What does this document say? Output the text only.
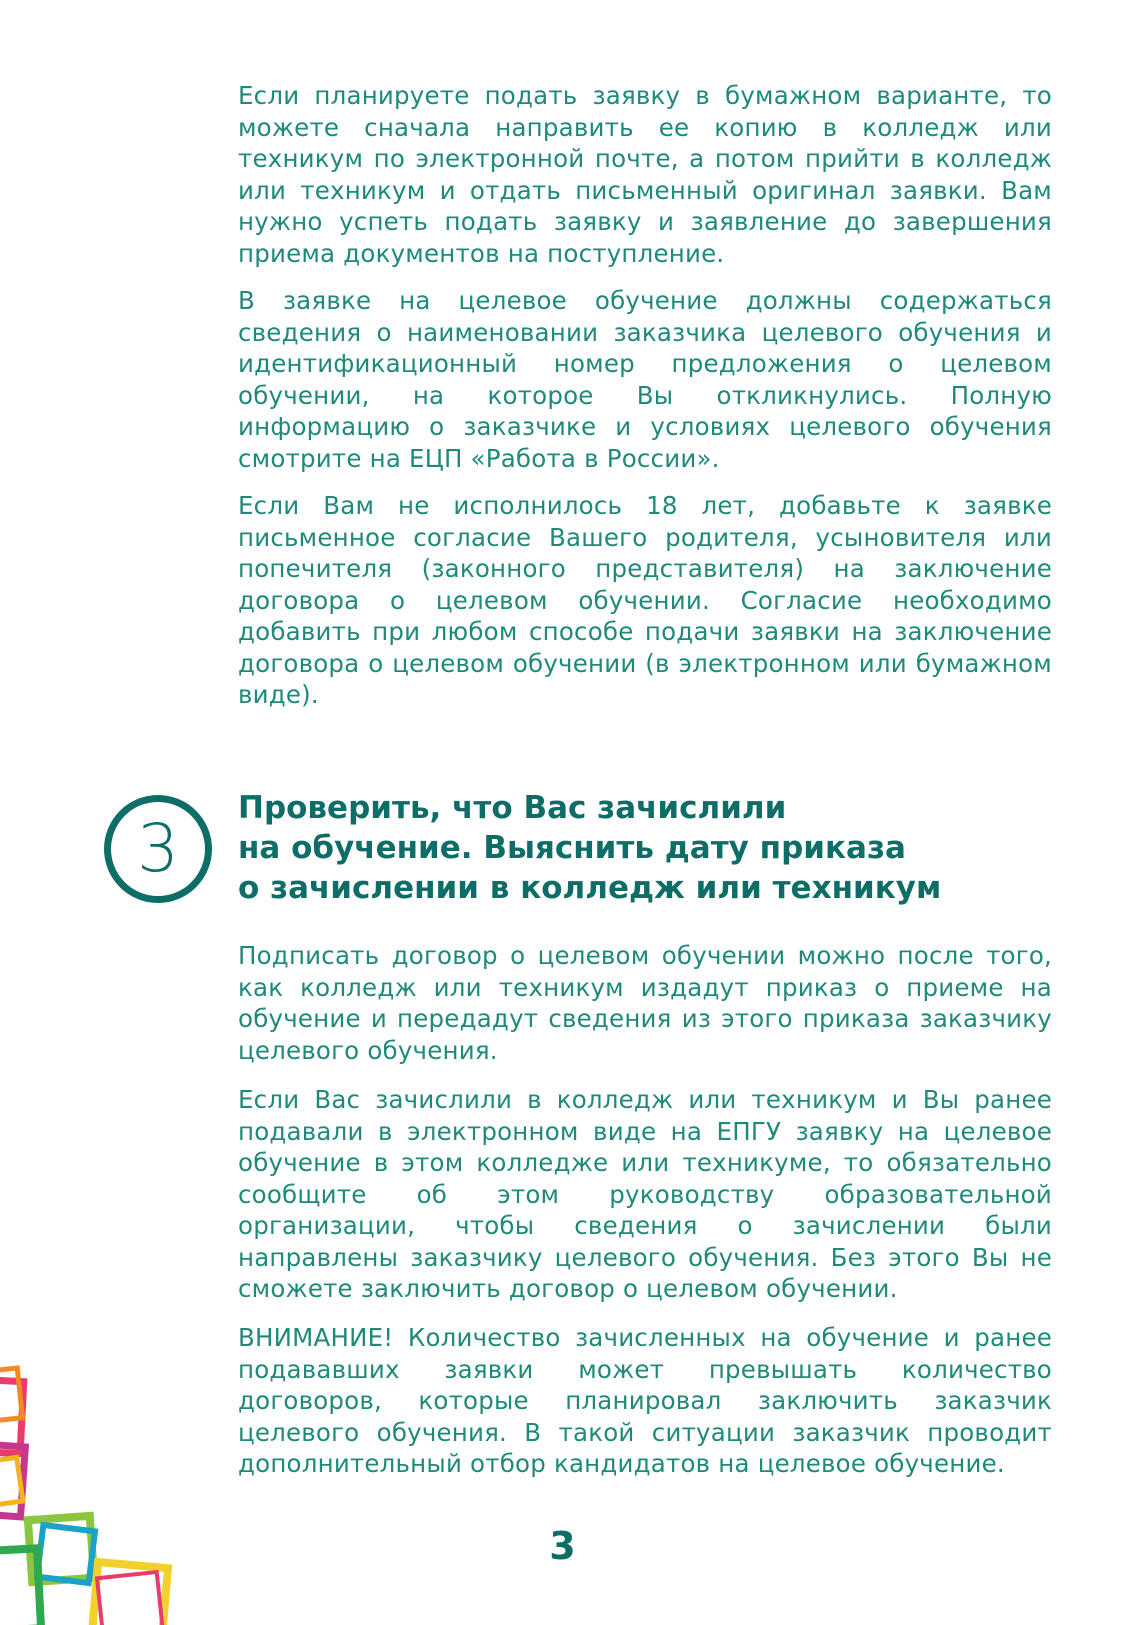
Если планируете подать заявку в бумажном варианте, то можете сначала направить ее копию в колледж или техникум по электронной почте, а потом прийти в колледж или техникум и отдать письменный оригинал заявки. Вам нужно успеть подать заявку и заявление до завершения приема документов на поступление.

В заявке на целевое обучение должны содержаться сведения о наименовании заказчика целевого обучения и идентификационный номер предложения о целевом обучении, на которое Вы откликнулись. Полную информацию о заказчике и условиях целевого обучения смотрите на ЕЦП «Работа в России».

Если Вам не исполнилось 18 лет, добавьте к заявке письменное согласие Вашего родителя, усыновителя или попечителя (законного представителя) на заключение договора о целевом обучении. Согласие необходимо добавить при любом способе подачи заявки на заключение договора о целевом обучении (в электронном или бумажном виде).

3
Проверить, что Вас зачислили
на обучение. Выяснить дату приказа
о зачислении в колледж или техникум

Подписать договор о целевом обучении можно после того, как колледж или техникум издадут приказ о приеме на обучение и передадут сведения из этого приказа заказчику целевого обучения.

Если Вас зачислили в колледж или техникум и Вы ранее подавали в электронном виде на ЕПГУ заявку на целевое обучение в этом колледже или техникуме, то обязательно сообщите об этом руководству образовательной организации, чтобы сведения о зачислении были направлены заказчику целевого обучения. Без этого Вы не сможете заключить договор о целевом обучении.

ВНИМАНИЕ! Количество зачисленных на обучение и ранее подававших заявки может превышать количество договоров, которые планировал заключить заказчик целевого обучения. В такой ситуации заказчик проводит дополнительный отбор кандидатов на целевое обучение.

3
